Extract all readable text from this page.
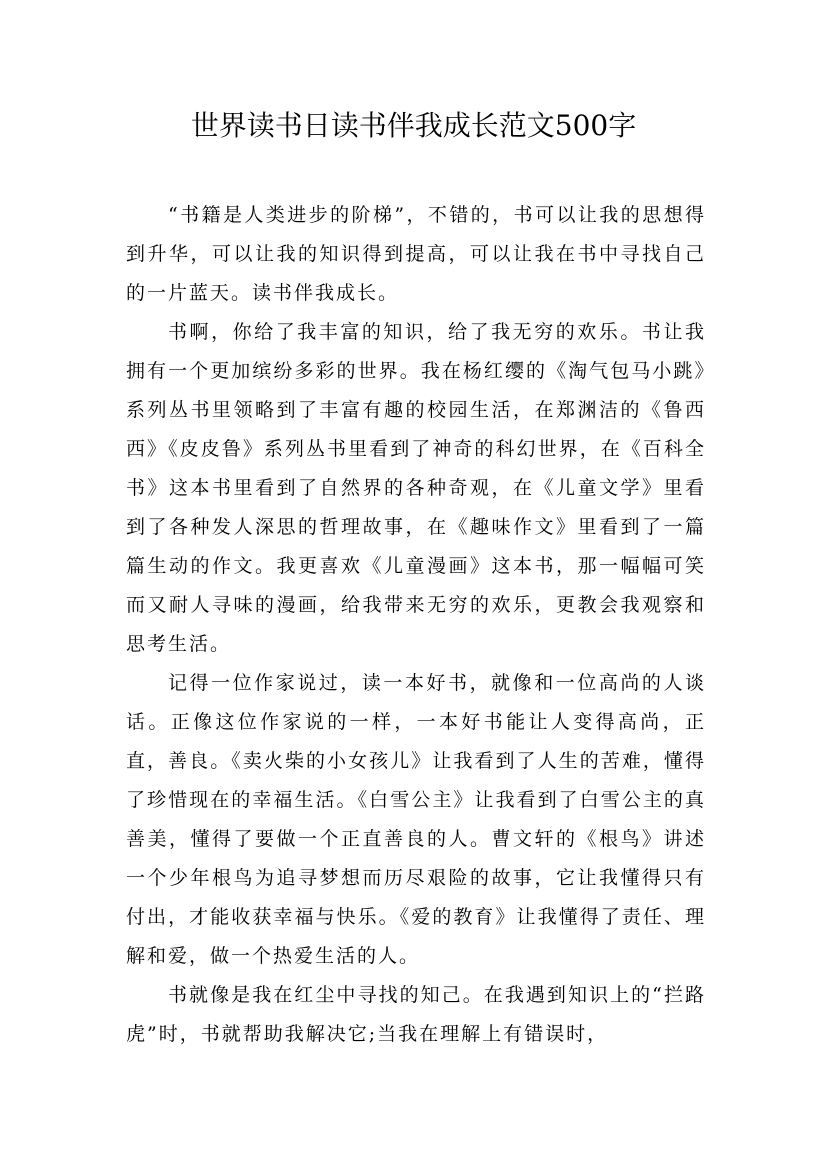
世界读书日读书伴我成长范文500字

“书籍是人类进步的阶梯”，不错的，书可以让我的思想得到升华，可以让我的知识得到提高，可以让我在书中寻找自己的一片蓝天。读书伴我成长。

书啊，你给了我丰富的知识，给了我无穷的欢乐。书让我拥有一个更加缤纷多彩的世界。我在杨红缨的《淘气包马小跳》系列丛书里领略到了丰富有趣的校园生活，在郑渊洁的《鲁西西》《皮皮鲁》系列丛书里看到了神奇的科幻世界，在《百科全书》这本书里看到了自然界的各种奇观，在《儿童文学》里看到了各种发人深思的哲理故事，在《趣味作文》里看到了一篇篇生动的作文。我更喜欢《儿童漫画》这本书，那一幅幅可笑而又耐人寻味的漫画，给我带来无穷的欢乐，更教会我观察和思考生活。

记得一位作家说过，读一本好书，就像和一位高尚的人谈话。正像这位作家说的一样，一本好书能让人变得高尚，正直，善良。《卖火柴的小女孩儿》让我看到了人生的苦难，懂得了珍惜现在的幸福生活。《白雪公主》让我看到了白雪公主的真善美，懂得了要做一个正直善良的人。曹文轩的《根鸟》讲述一个少年根鸟为追寻梦想而历尽艰险的故事，它让我懂得只有付出，才能收获幸福与快乐。《爱的教育》让我懂得了责任、理解和爱，做一个热爱生活的人。

书就像是我在红尘中寻找的知己。在我遇到知识上的“拦路虎”时，书就帮助我解决它;当我在理解上有错误时，
